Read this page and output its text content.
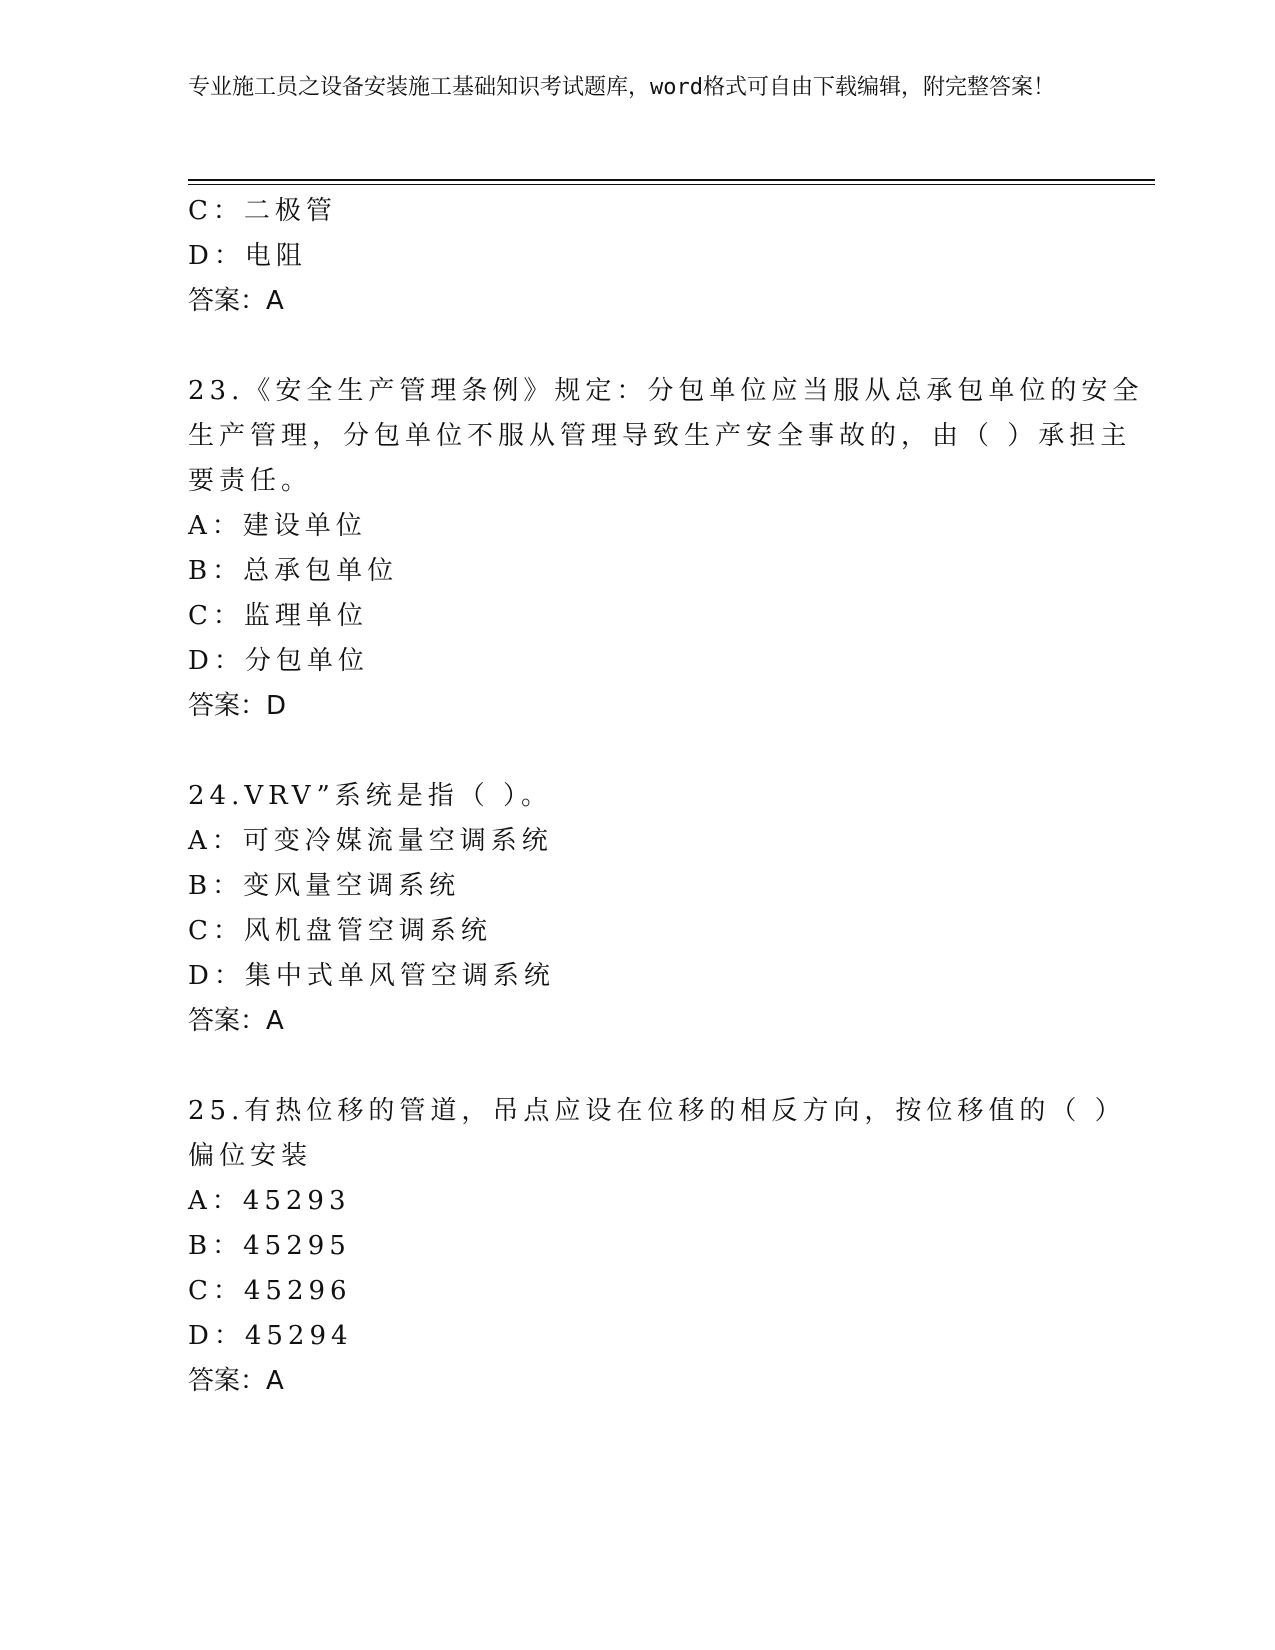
专业施工员之设备安装施工基础知识考试题库，word格式可自由下载编辑，附完整答案！
C：二极管
D：电阻
答案：A
23.《安全生产管理条例》规定：分包单位应当服从总承包单位的安全
生产管理，分包单位不服从管理导致生产安全事故的，由（ ）承担主
要责任。
A：建设单位
B：总承包单位
C：监理单位
D：分包单位
答案：D
24.VRV”系统是指（ ）。
A：可变冷媒流量空调系统
B：变风量空调系统
C：风机盘管空调系统
D：集中式单风管空调系统
答案：A
25.有热位移的管道，吊点应设在位移的相反方向，按位移值的（ ）
偏位安装
A：45293
B：45295
C：45296
D：45294
答案：A
